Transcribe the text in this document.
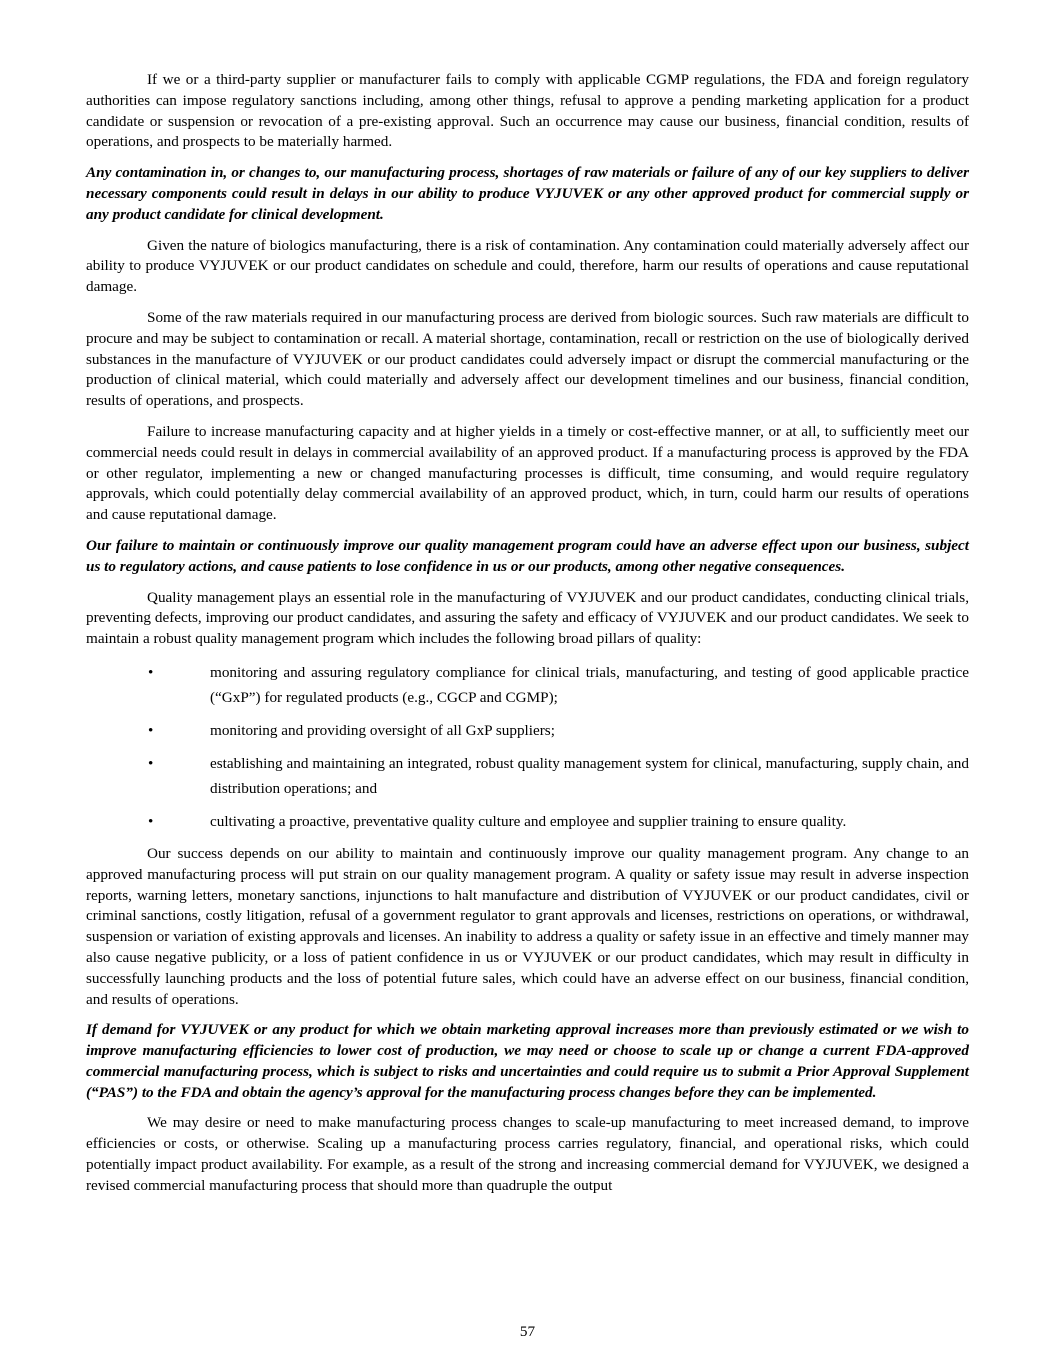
If we or a third-party supplier or manufacturer fails to comply with applicable CGMP regulations, the FDA and foreign regulatory authorities can impose regulatory sanctions including, among other things, refusal to approve a pending marketing application for a product candidate or suspension or revocation of a pre-existing approval. Such an occurrence may cause our business, financial condition, results of operations, and prospects to be materially harmed.

Any contamination in, or changes to, our manufacturing process, shortages of raw materials or failure of any of our key suppliers to deliver necessary components could result in delays in our ability to produce VYJUVEK or any other approved product for commercial supply or any product candidate for clinical development.

Given the nature of biologics manufacturing, there is a risk of contamination. Any contamination could materially adversely affect our ability to produce VYJUVEK or our product candidates on schedule and could, therefore, harm our results of operations and cause reputational damage.

Some of the raw materials required in our manufacturing process are derived from biologic sources. Such raw materials are difficult to procure and may be subject to contamination or recall. A material shortage, contamination, recall or restriction on the use of biologically derived substances in the manufacture of VYJUVEK or our product candidates could adversely impact or disrupt the commercial manufacturing or the production of clinical material, which could materially and adversely affect our development timelines and our business, financial condition, results of operations, and prospects.

Failure to increase manufacturing capacity and at higher yields in a timely or cost-effective manner, or at all, to sufficiently meet our commercial needs could result in delays in commercial availability of an approved product. If a manufacturing process is approved by the FDA or other regulator, implementing a new or changed manufacturing processes is difficult, time consuming, and would require regulatory approvals, which could potentially delay commercial availability of an approved product, which, in turn, could harm our results of operations and cause reputational damage.

Our failure to maintain or continuously improve our quality management program could have an adverse effect upon our business, subject us to regulatory actions, and cause patients to lose confidence in us or our products, among other negative consequences.

Quality management plays an essential role in the manufacturing of VYJUVEK and our product candidates, conducting clinical trials, preventing defects, improving our product candidates, and assuring the safety and efficacy of VYJUVEK and our product candidates. We seek to maintain a robust quality management program which includes the following broad pillars of quality:

•	monitoring and assuring regulatory compliance for clinical trials, manufacturing, and testing of good applicable practice (“GxP”) for regulated products (e.g., CGCP and CGMP);
•	monitoring and providing oversight of all GxP suppliers;
•	establishing and maintaining an integrated, robust quality management system for clinical, manufacturing, supply chain, and distribution operations; and
•	cultivating a proactive, preventative quality culture and employee and supplier training to ensure quality.

Our success depends on our ability to maintain and continuously improve our quality management program. Any change to an approved manufacturing process will put strain on our quality management program. A quality or safety issue may result in adverse inspection reports, warning letters, monetary sanctions, injunctions to halt manufacture and distribution of VYJUVEK or our product candidates, civil or criminal sanctions, costly litigation, refusal of a government regulator to grant approvals and licenses, restrictions on operations, or withdrawal, suspension or variation of existing approvals and licenses. An inability to address a quality or safety issue in an effective and timely manner may also cause negative publicity, or a loss of patient confidence in us or VYJUVEK or our product candidates, which may result in difficulty in successfully launching products and the loss of potential future sales, which could have an adverse effect on our business, financial condition, and results of operations.

If demand for VYJUVEK or any product for which we obtain marketing approval increases more than previously estimated or we wish to improve manufacturing efficiencies to lower cost of production, we may need or choose to scale up or change a current FDA-approved commercial manufacturing process, which is subject to risks and uncertainties and could require us to submit a Prior Approval Supplement (“PAS”) to the FDA and obtain the agency’s approval for the manufacturing process changes before they can be implemented.

We may desire or need to make manufacturing process changes to scale-up manufacturing to meet increased demand, to improve efficiencies or costs, or otherwise. Scaling up a manufacturing process carries regulatory, financial, and operational risks, which could potentially impact product availability. For example, as a result of the strong and increasing commercial demand for VYJUVEK, we designed a revised commercial manufacturing process that should more than quadruple the output

57
